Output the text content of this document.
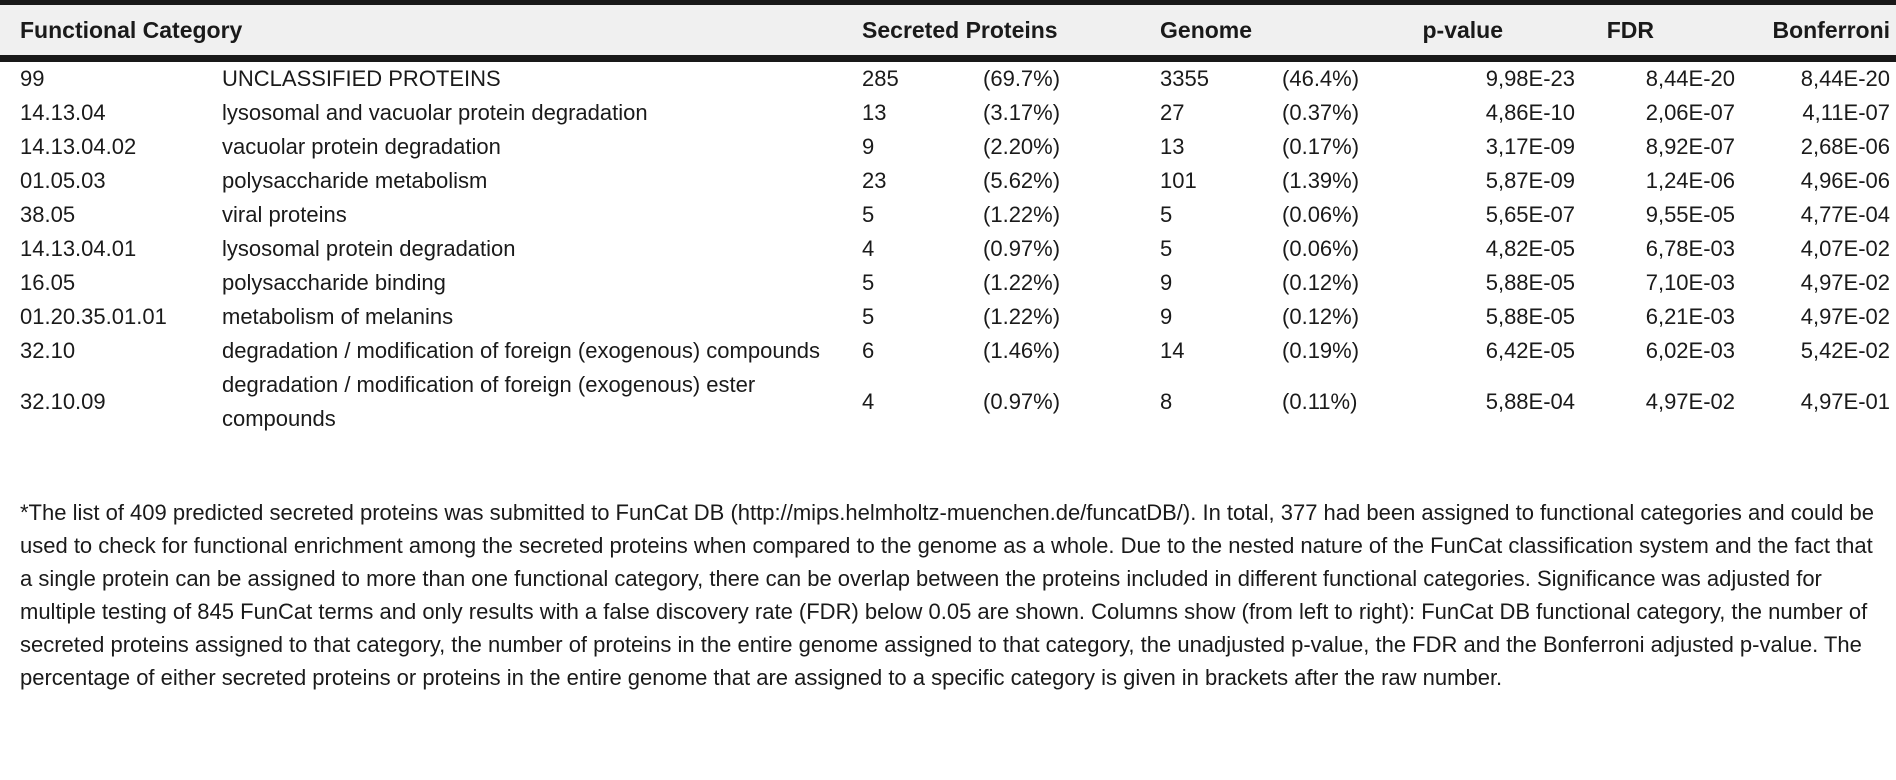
Functional Category		Secreted Proteins		Genome		p-value	FDR	Bonferroni
99	UNCLASSIFIED PROTEINS	285	(69.7%)	3355	(46.4%)	9,98E-23	8,44E-20	8,44E-20
14.13.04	lysosomal and vacuolar protein degradation	13	(3.17%)	27	(0.37%)	4,86E-10	2,06E-07	4,11E-07
14.13.04.02	vacuolar protein degradation	9	(2.20%)	13	(0.17%)	3,17E-09	8,92E-07	2,68E-06
01.05.03	polysaccharide metabolism	23	(5.62%)	101	(1.39%)	5,87E-09	1,24E-06	4,96E-06
38.05	viral proteins	5	(1.22%)	5	(0.06%)	5,65E-07	9,55E-05	4,77E-04
14.13.04.01	lysosomal protein degradation	4	(0.97%)	5	(0.06%)	4,82E-05	6,78E-03	4,07E-02
16.05	polysaccharide binding	5	(1.22%)	9	(0.12%)	5,88E-05	7,10E-03	4,97E-02
01.20.35.01.01	metabolism of melanins	5	(1.22%)	9	(0.12%)	5,88E-05	6,21E-03	4,97E-02
32.10	degradation / modification of foreign (exogenous) compounds	6	(1.46%)	14	(0.19%)	6,42E-05	6,02E-03	5,42E-02
32.10.09	degradation / modification of foreign (exogenous) ester compounds	4	(0.97%)	8	(0.11%)	5,88E-04	4,97E-02	4,97E-01

*The list of 409 predicted secreted proteins was submitted to FunCat DB (http://mips.helmholtz-muenchen.de/funcatDB/). In total, 377 had been assigned to functional categories and could be used to check for functional enrichment among the secreted proteins when compared to the genome as a whole. Due to the nested nature of the FunCat classification system and the fact that a single protein can be assigned to more than one functional category, there can be overlap between the proteins included in different functional categories. Significance was adjusted for multiple testing of 845 FunCat terms and only results with a false discovery rate (FDR) below 0.05 are shown. Columns show (from left to right): FunCat DB functional category, the number of secreted proteins assigned to that category, the number of proteins in the entire genome assigned to that category, the unadjusted p-value, the FDR and the Bonferroni adjusted p-value. The percentage of either secreted proteins or proteins in the entire genome that are assigned to a specific category is given in brackets after the raw number.
